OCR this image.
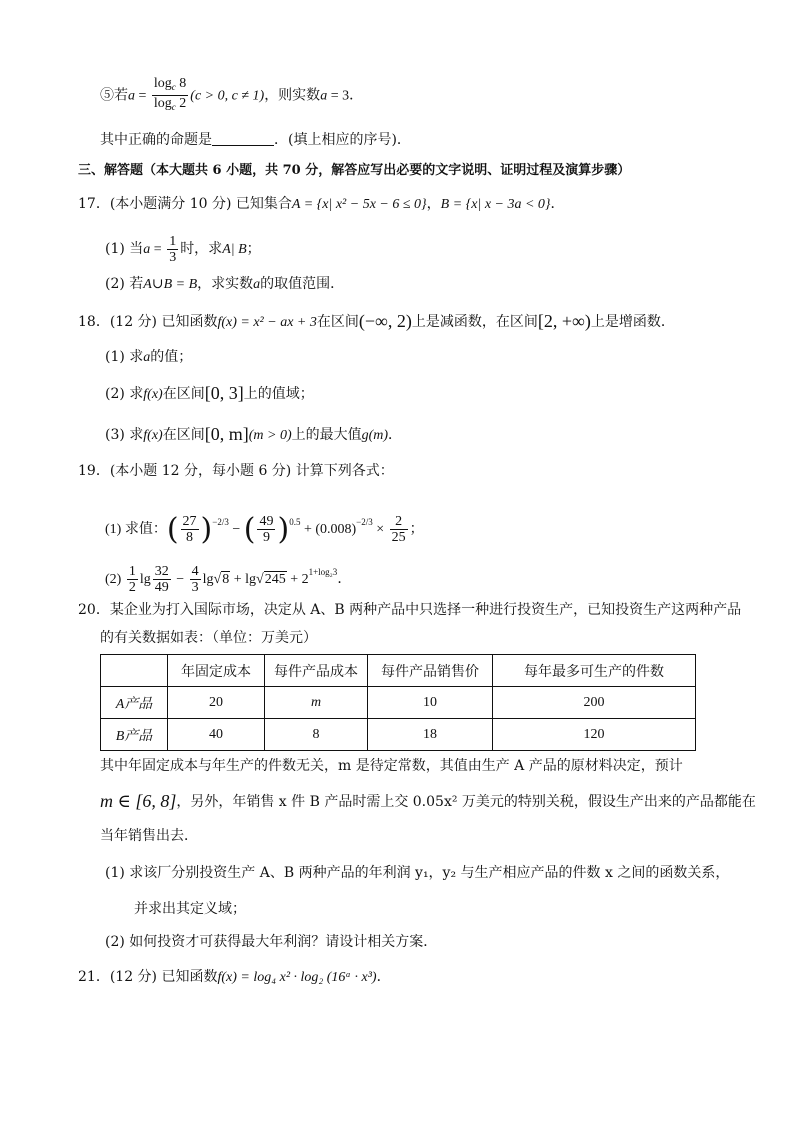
⑤若$a = \frac{\log_c 8}{\log_c 2} (c > 0$, c ≠ 1)，则实数a = 3．
其中正确的命题是	．(填上相应的序号)．
三、解答题（本大题共 6 小题，共 70 分，解答应写出必要的文字说明、证明过程及演算步骤）
17．(本小题满分 10 分) 已知集合A = {x| x² − 5x − 6 ≤ 0}，B = {x| x − 3a < 0}．
(1) 当$a = \frac{1}{3}$ 时，求A| B；
(2) 若A∪B = B，求实数a的取值范围．
18．(12 分) 已知函数f(x) = x² − ax + 3在区间(−∞, 2)上是减函数，在区间[2, +∞)上是增函数．
(1) 求a的值；
(2) 求f(x)在区间[0, 3]上的值域；
(3) 求f(x)在区间[0, m](m > 0)上的最大值g(m)．
19．(本小题 12 分，每小题 6 分) 计算下列各式：
(1) 求值：( $\frac{27}{8} )^{-2/3}$ − ( $\frac{49}{9} )^{0.5} + (0.008)^{-2/3} \times \frac{2}{25}$ ；
$(2) \frac{1}{2}$ $\lg \frac{32}{49} - \frac{4}{3} \lg√8 + \lg√245 + 2^{1+log_23}$．
20．某企业为打入国际市场，决定从 A、B 两种产品中只选择一种进行投资生产，已知投资生产这两种产品
的有关数据如表：（单位：万美元）
	年固定成本	每件产品成本	每件产品销售价	每年最多可生产的件数
A产品	20	m	10	200
B产品	40	8	18	120
其中年固定成本与年生产的件数无关，m 是待定常数，其值由生产 A 产品的原材料决定，预计
m ∈ [6, 8]，另外，年销售 x 件 B 产品时需上交 0.05x² 万美元的特别关税，假设生产出来的产品都能在
当年销售出去．
(1) 求该厂分别投资生产 A、B 两种产品的年利润 y₁，y₂ 与生产相应产品的件数 x 之间的函数关系，
并求出其定义域；
(2) 如何投资才可获得最大年利润？请设计相关方案．
21．(12 分) 已知函数f(x) = log₄ x² · log₂ (16ᵃ · x³)．
